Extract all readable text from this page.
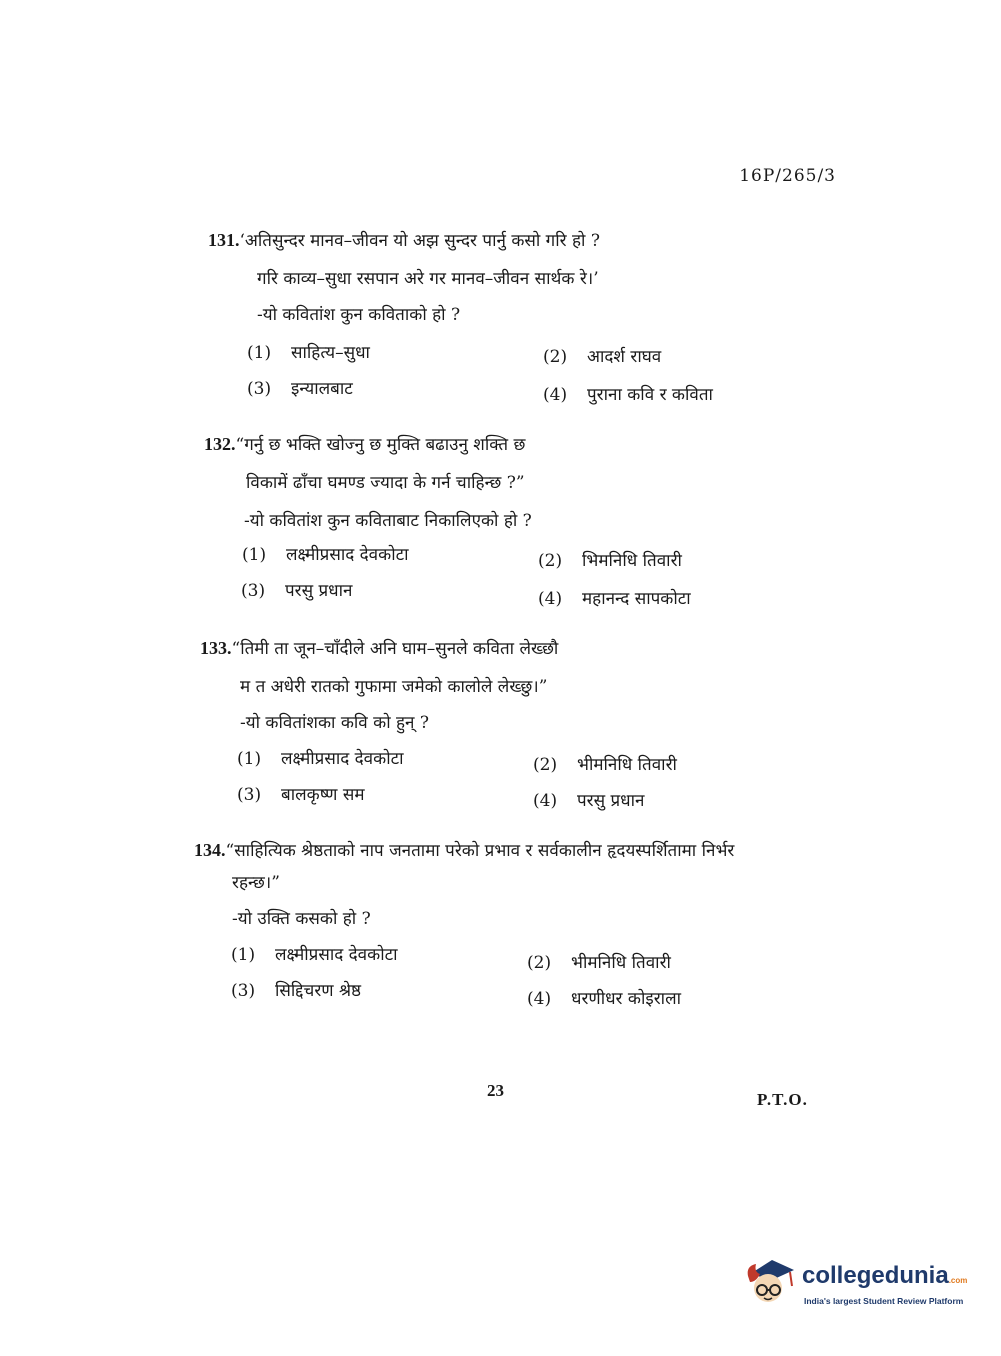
16P/265/3
131.‘अतिसुन्दर मानव–जीवन यो अझ सुन्दर पार्नु कसो गरि हो ?
गरि काव्य–सुधा रसपान अरे गर मानव–जीवन सार्थक रे।’
-यो कवितांश कुन कविताको हो ?
(1) साहित्य–सुधा	(2) आदर्श राघव
(3) इन्यालबाट	(4) पुराना कवि र कविता
132.“गर्नु छ भक्ति खोज्नु छ मुक्ति बढाउनु शक्ति छ
विकामें ढाँचा घमण्ड ज्यादा के गर्न चाहिन्छ ?”
-यो कवितांश कुन कविताबाट निकालिएको हो ?
(1) लक्ष्मीप्रसाद देवकोटा	(2) भिमनिधि तिवारी
(3) परसु प्रधान	(4) महानन्द सापकोटा
133.“तिमी ता जून–चाँदीले अनि घाम–सुनले कविता लेख्छौ
म त अधेरी रातको गुफामा जमेको कालोले लेख्छु।”
-यो कवितांशका कवि को हुन् ?
(1) लक्ष्मीप्रसाद देवकोटा	(2) भीमनिधि तिवारी
(3) बालकृष्ण सम	(4) परसु प्रधान
134.“साहित्यिक श्रेष्ठताको नाप जनतामा परेको प्रभाव र सर्वकालीन हृदयस्पर्शितामा निर्भर
रहन्छ।”
-यो उक्ति कसको हो ?
(1) लक्ष्मीप्रसाद देवकोटा	(2) भीमनिधि तिवारी
(3) सिद्दिचरण श्रेष्ठ	(4) धरणीधर कोइराला
23	P.T.O.
collegedunia.com
India's largest Student Review Platform
